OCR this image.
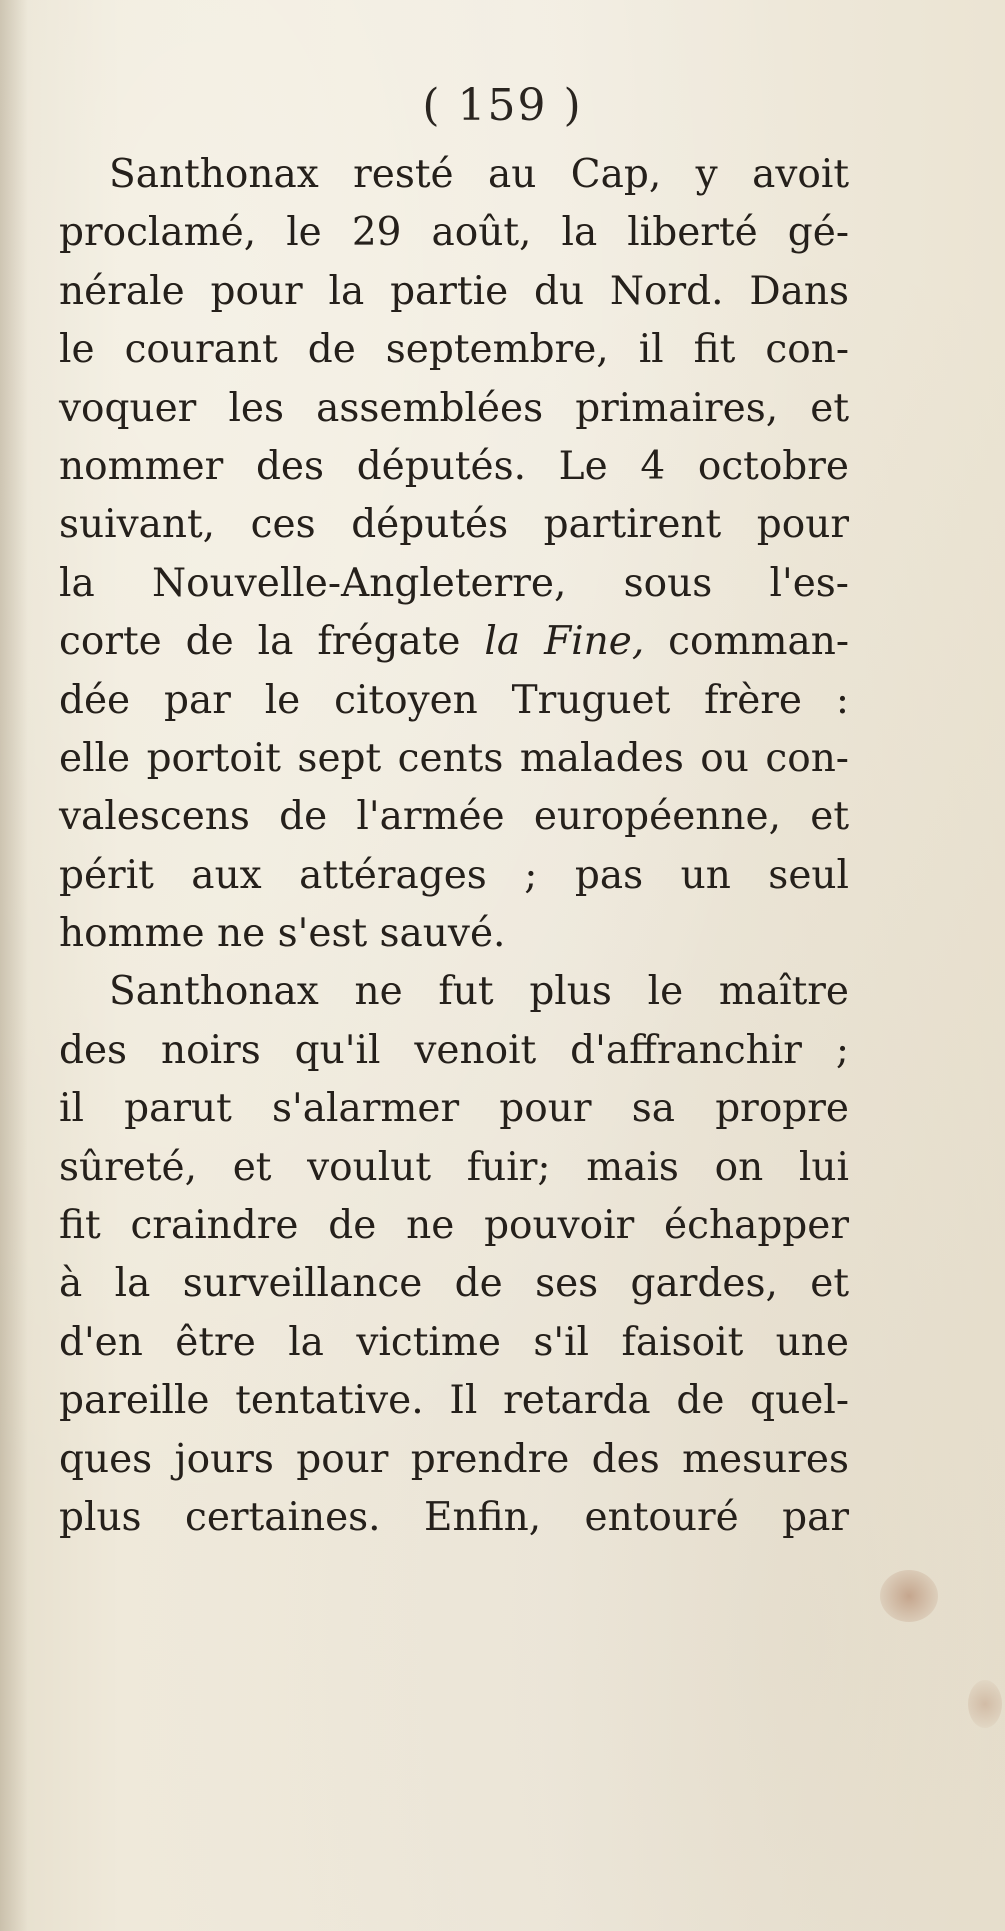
( 159 )
Santhonax resté au Cap, y avoit
proclamé, le 29 août, la liberté gé-
nérale pour la partie du Nord. Dans
le courant de septembre, il fit con-
voquer les assemblées primaires, et
nommer des députés. Le 4 octobre
suivant, ces députés partirent pour
la Nouvelle-Angleterre, sous l'es-
corte de la frégate la Fine, comman-
dée par le citoyen Truguet frère :
elle portoit sept cents malades ou con-
valescens de l'armée européenne, et
périt aux attérages ; pas un seul
homme ne s'est sauvé.
Santhonax ne fut plus le maître
des noirs qu'il venoit d'affranchir ;
il parut s'alarmer pour sa propre
sûreté, et voulut fuir; mais on lui
fit craindre de ne pouvoir échapper
à la surveillance de ses gardes, et
d'en être la victime s'il faisoit une
pareille tentative. Il retarda de quel-
ques jours pour prendre des mesures
plus certaines. Enfin, entouré par
